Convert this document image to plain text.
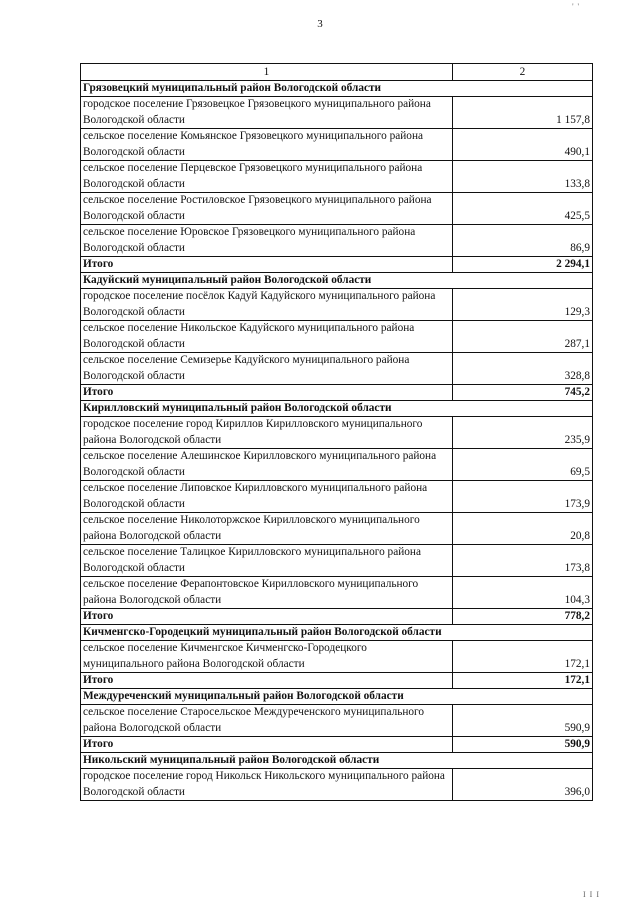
3
' '
I I I
1	2
Грязовецкий муниципальный район Вологодской области	
городское поселение Грязовецкое Грязовецкого муниципального района Вологодской области	1 157,8
сельское поселение Комьянское Грязовецкого муниципального района Вологодской области	490,1
сельское поселение Перцевское Грязовецкого муниципального района Вологодской области	133,8
сельское поселение Ростиловское Грязовецкого муниципального района Вологодской области	425,5
сельское поселение Юровское Грязовецкого муниципального района Вологодской области	86,9
Итого	2 294,1
Кадуйский муниципальный район Вологодской области	
городское поселение посёлок Кадуй Кадуйского муниципального района Вологодской области	129,3
сельское поселение Никольское Кадуйского муниципального района Вологодской области	287,1
сельское поселение Семизерье Кадуйского муниципального района Вологодской области	328,8
Итого	745,2
Кирилловский муниципальный район Вологодской области	
городское поселение город Кириллов Кирилловского муниципального района Вологодской области	235,9
сельское поселение Алешинское Кирилловского муниципального района Вологодской области	69,5
сельское поселение Липовское Кирилловского муниципального района Вологодской области	173,9
сельское поселение Николоторжское Кирилловского муниципального района Вологодской области	20,8
сельское поселение Талицкое Кирилловского муниципального района Вологодской области	173,8
сельское поселение Ферапонтовское Кирилловского муниципального района Вологодской области	104,3
Итого	778,2
Кичменгско-Городецкий муниципальный район Вологодской области	
сельское поселение Кичменгское Кичменгско-Городецкого муниципального района Вологодской области	172,1
Итого	172,1
Междуреченский муниципальный район Вологодской области	
сельское поселение Старосельское Междуреченского муниципального района Вологодской области	590,9
Итого	590,9
Никольский муниципальный район Вологодской области	
городское поселение город Никольск Никольского муниципального района Вологодской области	396,0
